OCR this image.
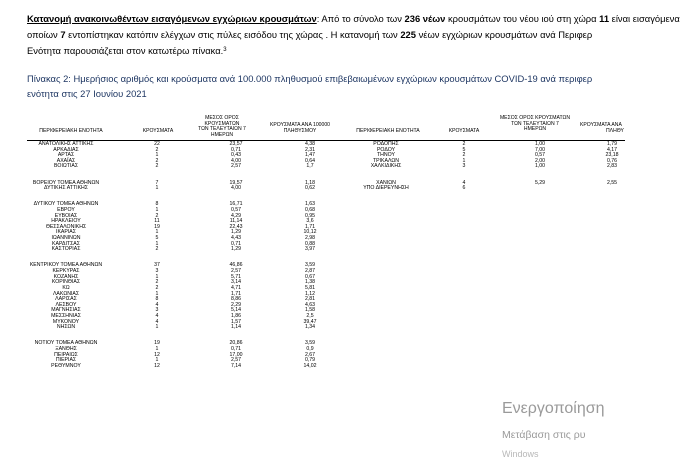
Κατανομή ανακοινωθέντων εισαγόμενων εγχώριων κρουσμάτων: Από το σύνολο των 236 νέων κρουσμάτων του νέου ιού στη χώρα 11 είναι εισαγόμενα
οποίων 7 εντοπίστηκαν κατόπιν ελέγχων στις πύλες εισόδου της χώρας . Η κατανομή των 225 νέων εγχώριων κρουσμάτων ανά Περιφερ
Ενότητα παρουσιάζεται στον κατωτέρω πίνακα.$^3$
Πίνακας 2: Ημερήσιος αριθμός και κρούσματα ανά 100.000 πληθυσμού επιβεβαιωμένων εγχώριων κρουσμάτων COVID-19 ανά περιφερ
ενότητα στις 27 Ιουνίου 2021
ΠΕΡΙΦΕΡΕΙΑΚΗ ΕΝΟΤΗΤΑ	ΚΡΟΥΣΜΑΤΑ
ΜΕΣΟΣ ΟΡΟΣ ΚΡΟΥΣΜΑΤΩΝ
ΤΩΝ ΤΕΛΕΥΤΑΙΩΝ 7
ΗΜΕΡΩΝ
ΚΡΟΥΣΜΑΤΑ ΑΝΑ 100000
ΠΛΗΘΥΣΜΟΥ	ΠΕΡΙΦΕΡΕΙΑΚΗ ΕΝΟΤΗΤΑ	ΚΡΟΥΣΜΑΤΑ
ΜΕΣΟΣ ΟΡΟΣ ΚΡΟΥΣΜΑΤΩΝ
ΤΩΝ ΤΕΛΕΥΤΑΙΩΝ 7
ΗΜΕΡΩΝ
ΚΡΟΥΣΜΑΤΑ ΑΝΑ
ΠΛΗΘΥ
ΑΝΑΤΟΛΙΚΗΣ ΑΤΤΙΚΗΣ	22	23,57	4,38
ΑΡΚΑΔΙΑΣ	2	0,71	2,31
ΑΡΤΑΣ	1	0,43	1,47
ΑΧΑΪΑΣ	2	4,00	0,64
ΒΟΙΩΤΙΑΣ	2	2,57	1,7
ΒΟΡΕΙΟΥ ΤΟΜΕΑ ΑΘΗΝΩΝ	7	19,57	1,18
ΔΥΤΙΚΗΣ ΑΤΤΙΚΗΣ	1	4,00	0,62
ΔΥΤΙΚΟΥ ΤΟΜΕΑ ΑΘΗΝΩΝ	8	16,71	1,63
ΕΒΡΟΥ	1	0,57	0,68
ΕΥΒΟΙΑΣ	2	4,29	0,95
ΗΡΑΚΛΕΙΟΥ	11	11,14	3,6
ΘΕΣΣΑΛΟΝΙΚΗΣ	19	22,43	1,71
ΙΚΑΡΙΑΣ	1	1,29	10,12
ΙΩΑΝΝΙΝΩΝ	5	4,43	2,98
ΚΑΡΔΙΤΣΑΣ	1	0,71	0,88
ΚΑΣΤΟΡΙΑΣ	2	1,29	3,97
ΚΕΝΤΡΙΚΟΥ ΤΟΜΕΑ ΑΘΗΝΩΝ	37	46,86	3,59
ΚΕΡΚΥΡΑΣ	3	2,57	2,87
ΚΟΖΑΝΗΣ	1	5,71	0,67
ΚΟΡΙΝΘΙΑΣ	2	3,14	1,38
ΚΩ	2	4,71	5,81
ΛΑΚΩΝΙΑΣ	1	1,71	1,12
ΛΑΡΙΣΑΣ	8	8,86	2,81
ΛΕΣΒΟΥ	4	2,29	4,63
ΜΑΓΝΗΣΙΑΣ	3	5,14	1,58
ΜΕΣΣΗΝΙΑΣ	4	1,86	2,5
ΜΥΚΟΝΟΥ	4	1,57	39,47
ΝΗΣΩΝ	1	1,14	1,34
ΝΟΤΙΟΥ ΤΟΜΕΑ ΑΘΗΝΩΝ	19	20,86	3,59
ΞΑΝΘΗΣ	1	0,71	0,9
ΠΕΙΡΑΙΩΣ	12	17,00	2,67
ΠΙΕΡΙΑΣ	1	2,57	0,79
ΡΕΘΥΜΝΟΥ	12	7,14	14,02
ΡΟΔΟΠΗΣ	2	1,00	1,79
ΡΟΔΟΥ	5	7,00	4,17
ΤΗΝΟΥ	2	0,57	23,18
ΤΡΙΚΑΛΩΝ	1	2,00	0,76
ΧΑΛΚΙΔΙΚΗΣ	3	1,00	2,83
ΧΑΝΙΩΝ	4	5,29	2,55
ΥΠΟ ΔΙΕΡΕΥΝΗΣΗ	6
Ενεργοποίηση
Μετάβαση στις ρυ
Windows
